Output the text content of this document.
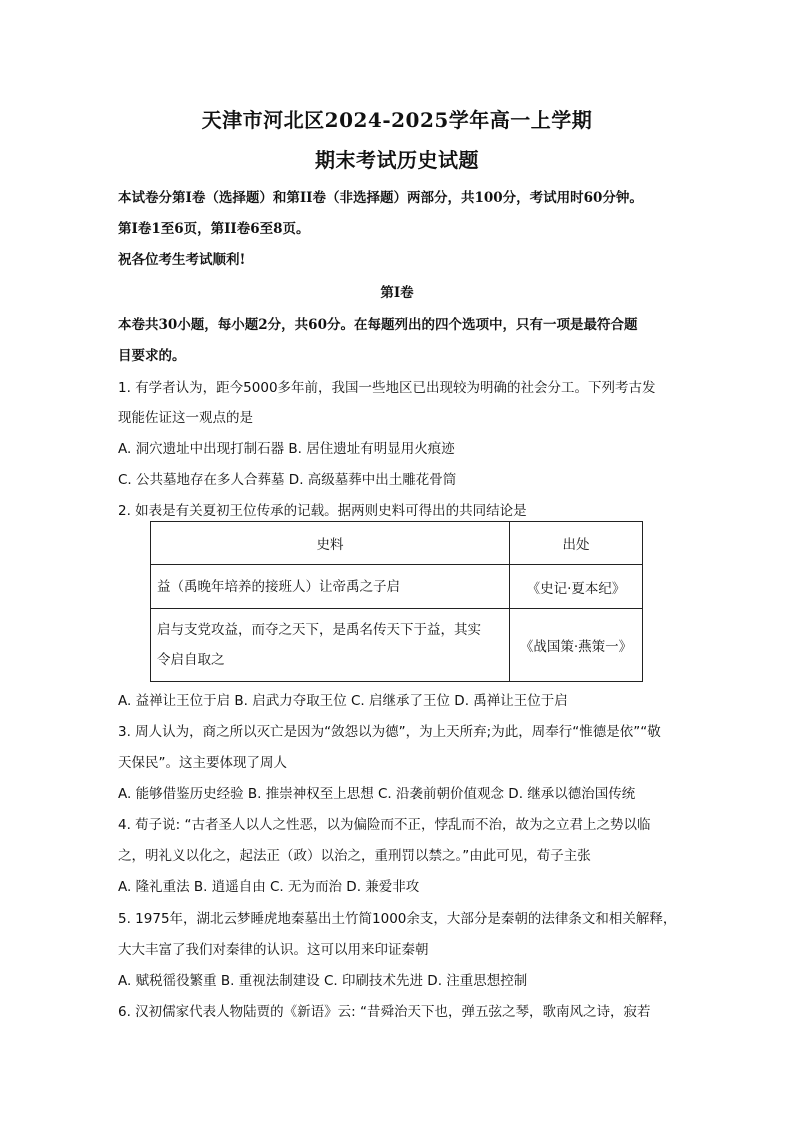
天津市河北区2024-2025学年高一上学期
期末考试历史试题
本试卷分第I卷（选择题）和第II卷（非选择题）两部分，共100分，考试用时60分钟。
第I卷1至6页，第II卷6至8页。
祝各位考生考试顺利!
第I卷
本卷共30小题，每小题2分，共60分。在每题列出的四个选项中，只有一项是最符合题
目要求的。
1. 有学者认为，距今5000多年前，我国一些地区已出现较为明确的社会分工。下列考古发
现能佐证这一观点的是
A. 洞穴遗址中出现打制石器 B. 居住遗址有明显用火痕迹
C. 公共墓地存在多人合葬墓 D. 高级墓葬中出土雕花骨筒
2. 如表是有关夏初王位传承的记载。据两则史料可得出的共同结论是
史料	出处

益（禹晚年培养的接班人）让帝禹之子启	《史记·夏本纪》

启与支党攻益，而夺之天下，是禹名传天下于益，其实
令启自取之	《战国策·燕策一》
A. 益禅让王位于启 B. 启武力夺取王位 C. 启继承了王位 D. 禹禅让王位于启
3. 周人认为，商之所以灭亡是因为“敛怨以为德”，为上天所弃;为此，周奉行“惟德是依”“敬
天保民”。这主要体现了周人
A. 能够借鉴历史经验 B. 推崇神权至上思想 C. 沿袭前朝价值观念 D. 继承以德治国传统
4. 荀子说: “古者圣人以人之性恶，以为偏险而不正，悖乱而不治，故为之立君上之势以临
之，明礼义以化之，起法正（政）以治之，重刑罚以禁之。”由此可见，荀子主张
A. 隆礼重法 B. 逍遥自由 C. 无为而治 D. 兼爱非攻
5. 1975年，湖北云梦睡虎地秦墓出土竹简1000余支，大部分是秦朝的法律条文和相关解释，
大大丰富了我们对秦律的认识。这可以用来印证秦朝
A. 赋税徭役繁重 B. 重视法制建设 C. 印刷技术先进 D. 注重思想控制
6. 汉初儒家代表人物陆贾的《新语》云: “昔舜治天下也，弹五弦之琴，歌南风之诗，寂若
